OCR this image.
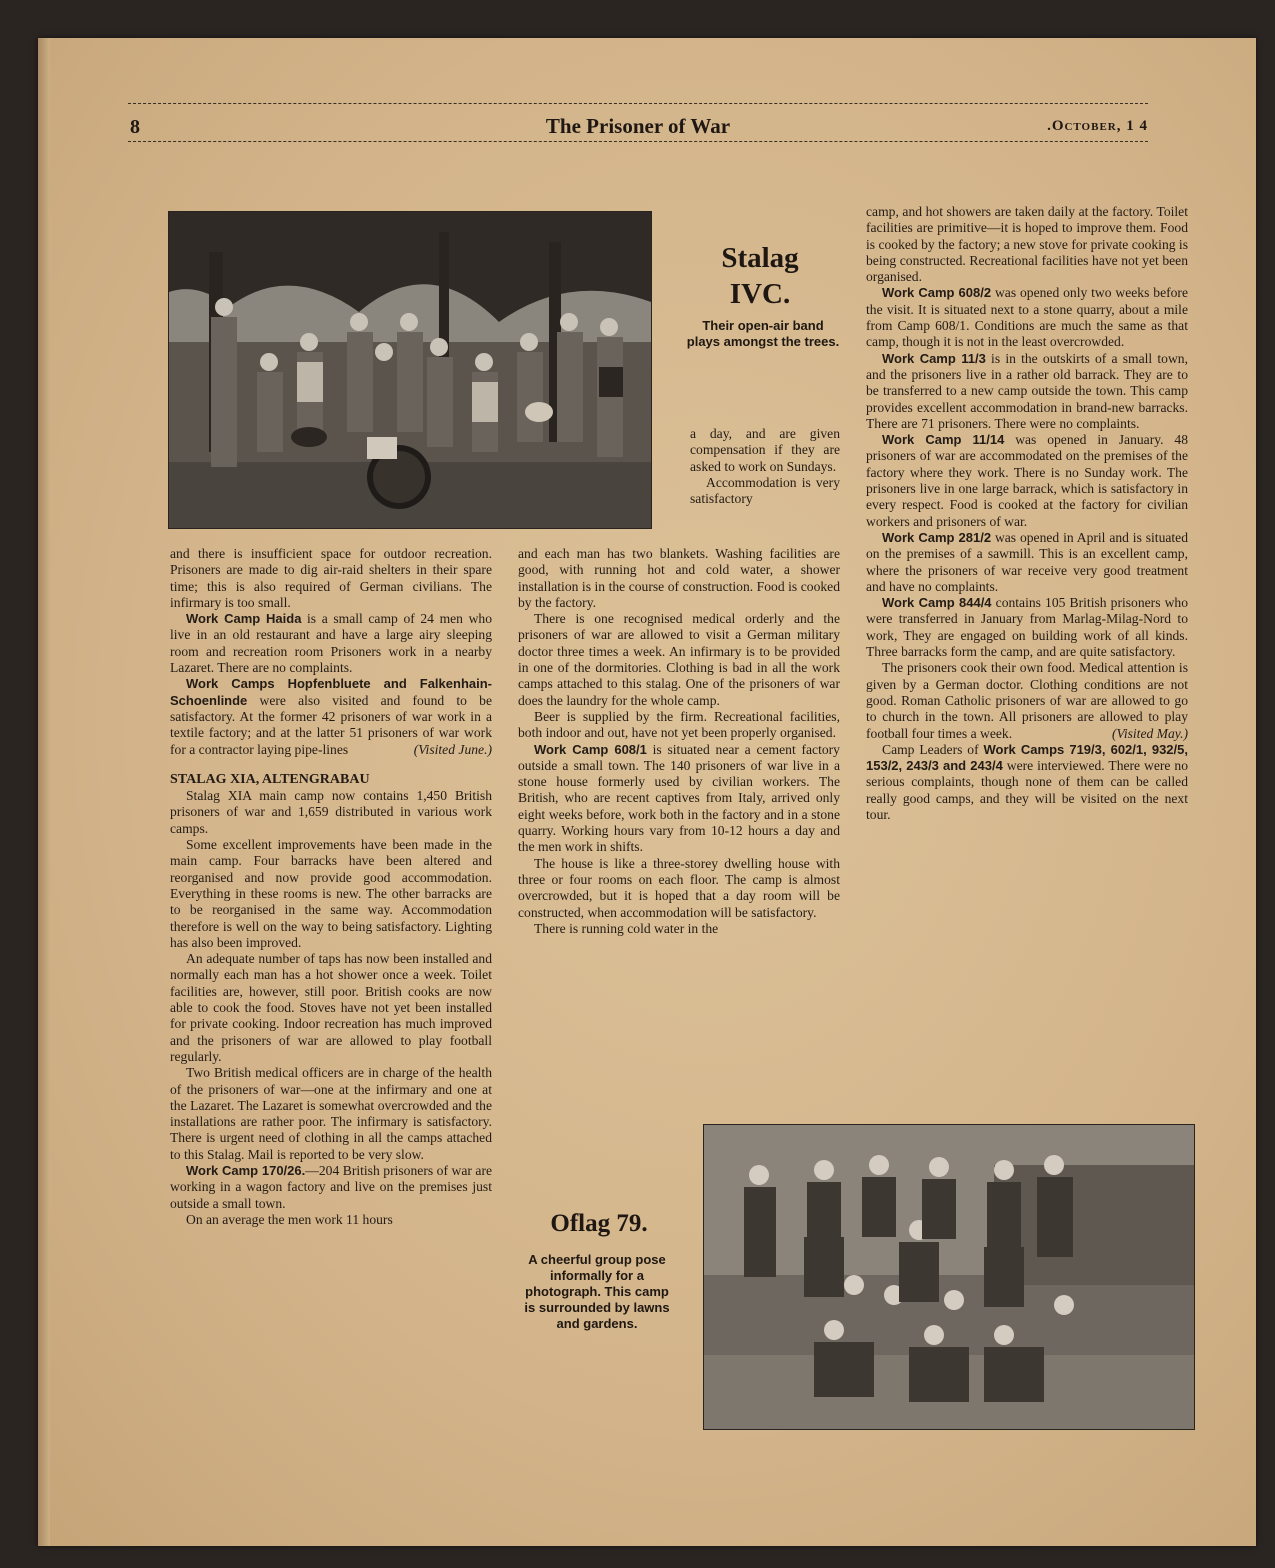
8	The Prisoner of War	.October, 1 4
Stalag
IVC.
Their open-air band plays amongst the trees.

a day, and are given compensation if they are asked to work on Sundays.

Accommodation is very satisfactory

and there is insufficient space for outdoor recreation. Prisoners are made to dig air-raid shelters in their spare time; this is also required of German civilians. The infirmary is too small.

Work Camp Haida is a small camp of 24 men who live in an old restaurant and have a large airy sleeping room and recreation room Prisoners work in a nearby Lazaret. There are no complaints.

Work Camps Hopfenbluete and Falkenhain-Schoenlinde were also visited and found to be satisfactory. At the former 42 prisoners of war work in a textile factory; and at the latter 51 prisoners of war work for a contractor laying pipe-lines	(Visited June.)

STALAG XIA, ALTENGRABAU

Stalag XIA main camp now contains 1,450 British prisoners of war and 1,659 distributed in various work camps.

Some excellent improvements have been made in the main camp. Four barracks have been altered and reorganised and now provide good accommodation. Everything in these rooms is new. The other barracks are to be reorganised in the same way. Accommodation therefore is well on the way to being satisfactory. Lighting has also been improved.

An adequate number of taps has now been installed and normally each man has a hot shower once a week. Toilet facilities are, however, still poor. British cooks are now able to cook the food. Stoves have not yet been installed for private cooking. Indoor recreation has much improved and the prisoners of war are allowed to play football regularly.

Two British medical officers are in charge of the health of the prisoners of war—one at the infirmary and one at the Lazaret. The Lazaret is somewhat overcrowded and the installations are rather poor. The infirmary is satisfactory. There is urgent need of clothing in all the camps attached to this Stalag. Mail is reported to be very slow.

Work Camp 170/26.—204 British prisoners of war are working in a wagon factory and live on the premises just outside a small town.

On an average the men work 11 hours

and each man has two blankets. Washing facilities are good, with running hot and cold water, a shower installation is in the course of construction. Food is cooked by the factory.

There is one recognised medical orderly and the prisoners of war are allowed to visit a German military doctor three times a week. An infirmary is to be provided in one of the dormitories. Clothing is bad in all the work camps attached to this stalag. One of the prisoners of war does the laundry for the whole camp.

Beer is supplied by the firm. Recreational facilities, both indoor and out, have not yet been properly organised.

Work Camp 608/1 is situated near a cement factory outside a small town. The 140 prisoners of war live in a stone house formerly used by civilian workers. The British, who are recent captives from Italy, arrived only eight weeks before, work both in the factory and in a stone quarry. Working hours vary from 10-12 hours a day and the men work in shifts.

The house is like a three-storey dwelling house with three or four rooms on each floor. The camp is almost overcrowded, but it is hoped that a day room will be constructed, when accommodation will be satisfactory.

There is running cold water in the

camp, and hot showers are taken daily at the factory. Toilet facilities are primitive—it is hoped to improve them. Food is cooked by the factory; a new stove for private cooking is being constructed. Recreational facilities have not yet been organised.

Work Camp 608/2 was opened only two weeks before the visit. It is situated next to a stone quarry, about a mile from Camp 608/1. Conditions are much the same as that camp, though it is not in the least overcrowded.

Work Camp 11/3 is in the outskirts of a small town, and the prisoners live in a rather old barrack. They are to be transferred to a new camp outside the town. This camp provides excellent accommodation in brand-new barracks. There are 71 prisoners. There were no complaints.

Work Camp 11/14 was opened in January. 48 prisoners of war are accommodated on the premises of the factory where they work. There is no Sunday work. The prisoners live in one large barrack, which is satisfactory in every respect. Food is cooked at the factory for civilian workers and prisoners of war.

Work Camp 281/2 was opened in April and is situated on the premises of a sawmill. This is an excellent camp, where the prisoners of war receive very good treatment and have no complaints.

Work Camp 844/4 contains 105 British prisoners who were transferred in January from Marlag-Milag-Nord to work, They are engaged on building work of all kinds. Three barracks form the camp, and are quite satisfactory.

The prisoners cook their own food. Medical attention is given by a German doctor. Clothing conditions are not good. Roman Catholic prisoners of war are allowed to go to church in the town. All prisoners are allowed to play football four times a week.	(Visited May.)

Camp Leaders of Work Camps 719/3, 602/1, 932/5, 153/2, 243/3 and 243/4 were interviewed. There were no serious complaints, though none of them can be called really good camps, and they will be visited on the next tour.

Oflag 79.
A cheerful group pose informally for a photograph. This camp is surrounded by lawns and gardens.
